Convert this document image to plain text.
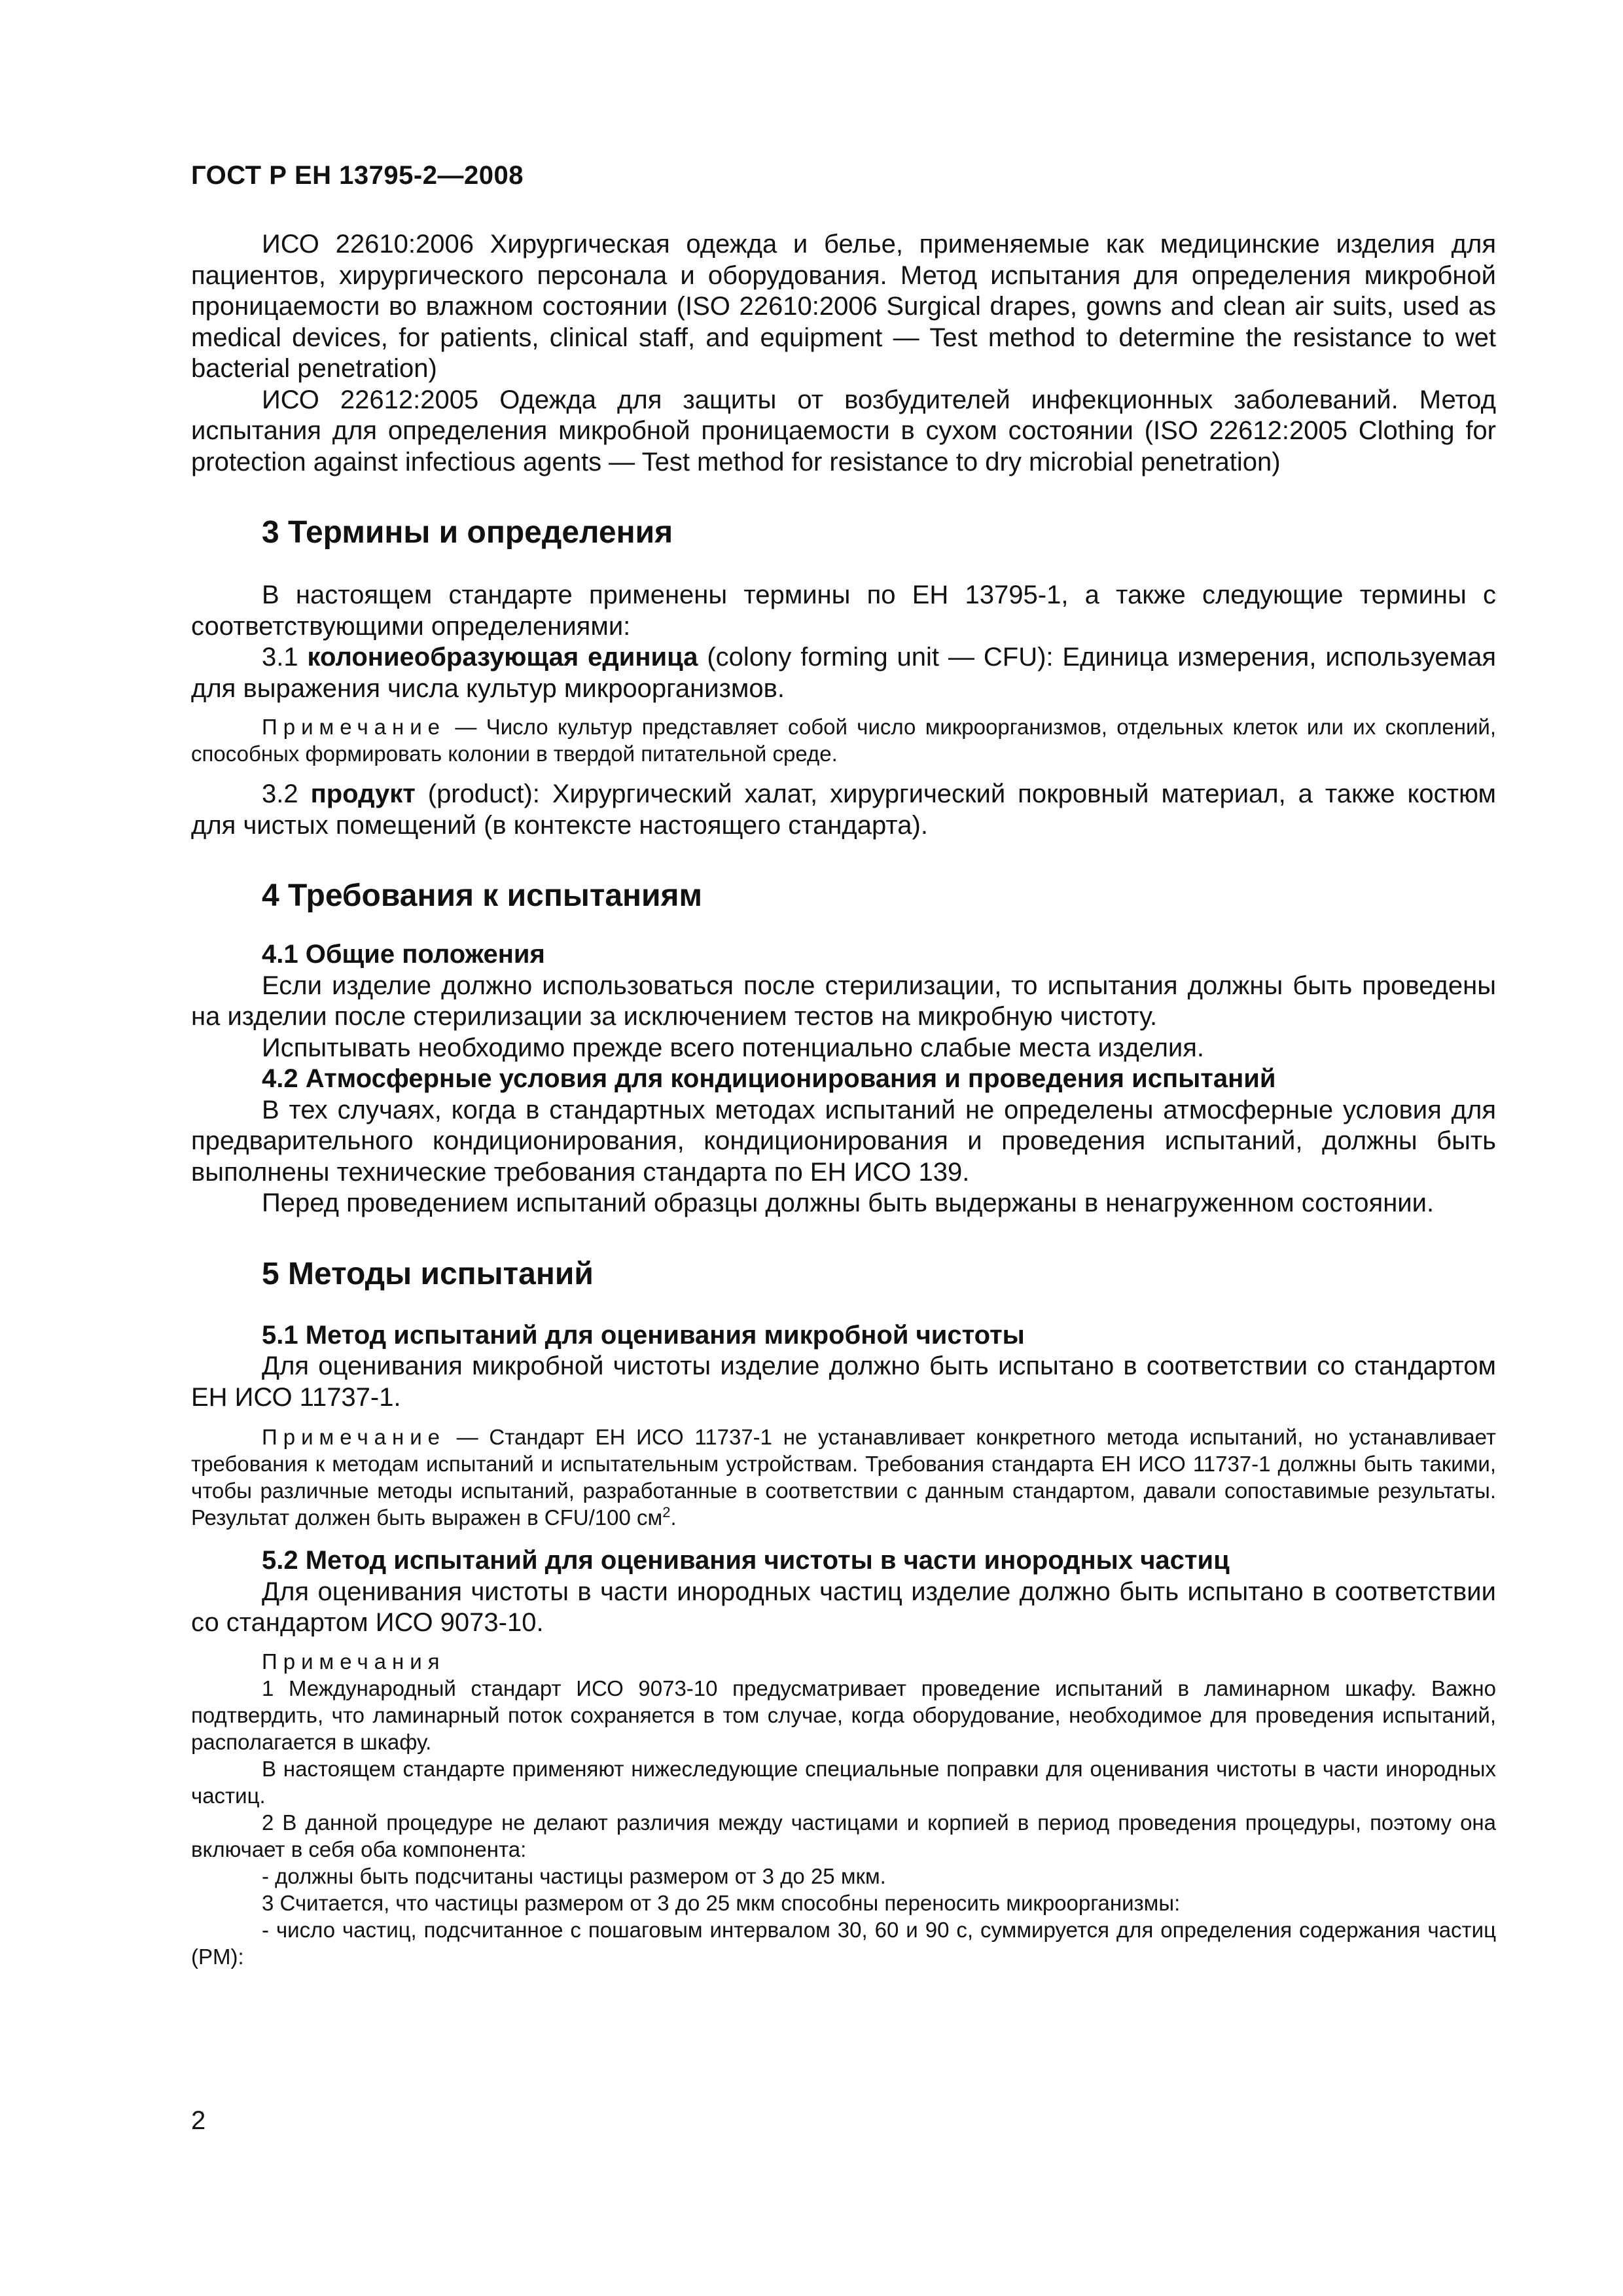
ГОСТ Р ЕН 13795-2—2008

ИСО 22610:2006 Хирургическая одежда и белье, применяемые как медицинские изделия для пациентов, хирургического персонала и оборудования. Метод испытания для определения микробной проницаемости во влажном состоянии (ISO 22610:2006 Surgical drapes, gowns and clean air suits, used as medical devices, for patients, clinical staff, and equipment — Test method to determine the resistance to wet bacterial penetration)

ИСО 22612:2005 Одежда для защиты от возбудителей инфекционных заболеваний. Метод испытания для определения микробной проницаемости в сухом состоянии (ISO 22612:2005 Clothing for protection against infectious agents — Test method for resistance to dry microbial penetration)

3 Термины и определения

В настоящем стандарте применены термины по ЕН 13795-1, а также следующие термины с соответствующими определениями:

3.1 колониеобразующая единица (colony forming unit — CFU): Единица измерения, используемая для выражения числа культур микроорганизмов.

Примечание — Число культур представляет собой число микроорганизмов, отдельных клеток или их скоплений, способных формировать колонии в твердой питательной среде.

3.2 продукт (product): Хирургический халат, хирургический покровный материал, а также костюм для чистых помещений (в контексте настоящего стандарта).

4 Требования к испытаниям
4.1 Общие положения

Если изделие должно использоваться после стерилизации, то испытания должны быть проведены на изделии после стерилизации за исключением тестов на микробную чистоту.

Испытывать необходимо прежде всего потенциально слабые места изделия.

4.2 Атмосферные условия для кондиционирования и проведения испытаний

В тех случаях, когда в стандартных методах испытаний не определены атмосферные условия для предварительного кондиционирования, кондиционирования и проведения испытаний, должны быть выполнены технические требования стандарта по ЕН ИСО 139.

Перед проведением испытаний образцы должны быть выдержаны в ненагруженном состоянии.

5 Методы испытаний
5.1 Метод испытаний для оценивания микробной чистоты

Для оценивания микробной чистоты изделие должно быть испытано в соответствии со стандартом ЕН ИСО 11737-1.

Примечание — Стандарт ЕН ИСО 11737-1 не устанавливает конкретного метода испытаний, но устанавливает требования к методам испытаний и испытательным устройствам. Требования стандарта ЕН ИСО 11737-1 должны быть такими, чтобы различные методы испытаний, разработанные в соответствии с данным стандартом, давали сопоставимые результаты. Результат должен быть выражен в CFU/100 $см^2$.

5.2 Метод испытаний для оценивания чистоты в части инородных частиц

Для оценивания чистоты в части инородных частиц изделие должно быть испытано в соответствии со стандартом ИСО 9073-10.

Примечания

1 Международный стандарт ИСО 9073-10 предусматривает проведение испытаний в ламинарном шкафу. Важно подтвердить, что ламинарный поток сохраняется в том случае, когда оборудование, необходимое для проведения испытаний, располагается в шкафу.

В настоящем стандарте применяют нижеследующие специальные поправки для оценивания чистоты в части инородных частиц.

2 В данной процедуре не делают различия между частицами и корпией в период проведения процедуры, поэтому она включает в себя оба компонента:

- должны быть подсчитаны частицы размером от 3 до 25 мкм.

3 Считается, что частицы размером от 3 до 25 мкм способны переносить микроорганизмы:

- число частиц, подсчитанное с пошаговым интервалом 30, 60 и 90 с, суммируется для определения содержания частиц (PM):

2
